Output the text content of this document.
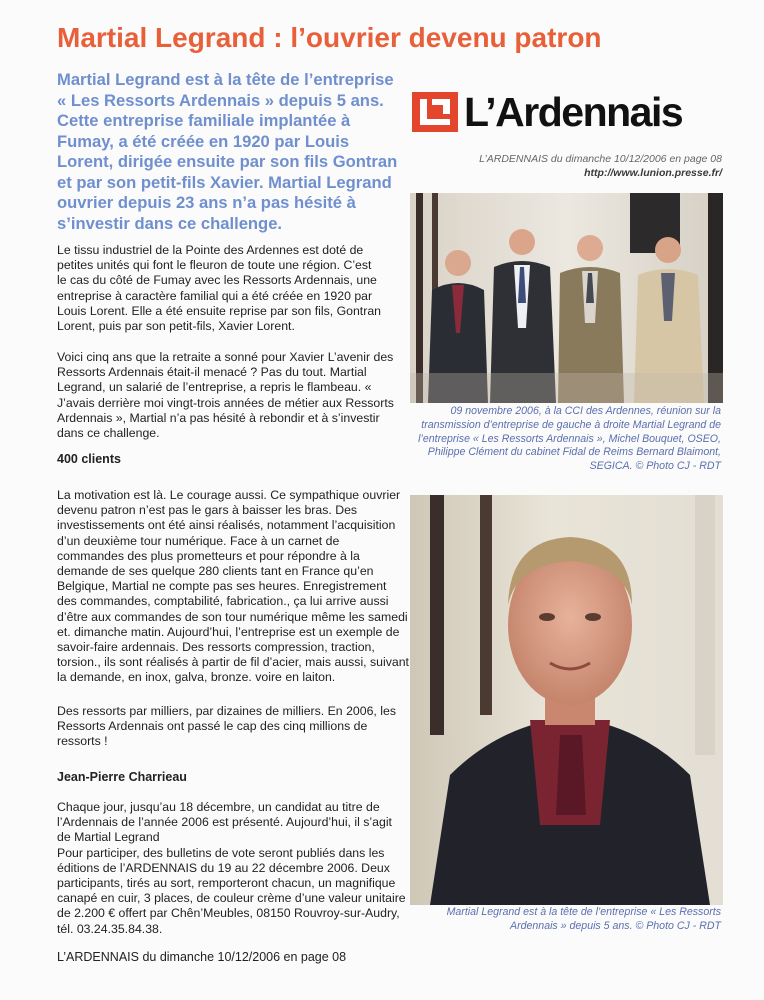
Martial Legrand : l’ouvrier devenu patron

Martial Legrand est à la tête de l’entreprise « Les Ressorts Ardennais » depuis 5 ans. Cette entreprise familiale implantée à Fumay, a été créée en 1920 par Louis Lorent, dirigée ensuite par son fils Gontran et par son petit-fils Xavier. Martial Legrand ouvrier depuis 23 ans n’a pas hésité à s’investir dans ce challenge.

L’Ardennais
L’ARDENNAIS du dimanche 10/12/2006 en page 08
http://www.lunion.presse.fr/

Le tissu industriel de la Pointe des Ardennes est doté de petites unités qui font le fleuron de toute une région. C’est le cas du côté de Fumay avec les Ressorts Ardennais, une entreprise à caractère familial qui a été créée en 1920 par Louis Lorent. Elle a été ensuite reprise par son fils, Gontran Lorent, puis par son petit-fils, Xavier Lorent.

Voici cinq ans que la retraite a sonné pour Xavier L’avenir des Ressorts Ardennais était-il menacé ? Pas du tout. Martial Legrand, un salarié de l’entreprise, a repris le flambeau. « J’avais derrière moi vingt-trois années de métier aux Ressorts Ardennais », Martial n’a pas hésité à rebondir et à s’investir dans ce challenge.

400 clients

La motivation est là. Le courage aussi. Ce sympathique ouvrier devenu patron n’est pas le gars à baisser les bras. Des investissements ont été ainsi réalisés, notamment l’acquisition d’un deuxième tour numérique. Face à un carnet de commandes des plus prometteurs et pour répondre à la demande de ses quelque 280 clients tant en France qu’en Belgique, Martial ne compte pas ses heures. Enregistrement des commandes, comptabilité, fabrication., ça lui arrive aussi d’être aux commandes de son tour numérique même les samedi et. dimanche matin. Aujourd’hui, l’entreprise est un exemple de savoir-faire ardennais. Des ressorts compression, traction, torsion., ils sont réalisés à partir de fil d’acier, mais aussi, suivant la demande, en inox, galva, bronze. voire en laiton.

Des ressorts par milliers, par dizaines de milliers. En 2006, les Ressorts Ardennais ont passé le cap des cinq millions de ressorts !

Jean-Pierre Charrieau

Chaque jour, jusqu’au 18 décembre, un candidat au titre de l’Ardennais de l’année 2006 est présenté. Aujourd’hui, il s’agit de Martial Legrand
Pour participer, des bulletins de vote seront publiés dans les éditions de l’ARDENNAIS du 19 au 22 décembre 2006. Deux participants, tirés au sort, remporteront chacun, un magnifique canapé en cuir, 3 places, de couleur crème d’une valeur unitaire de 2.200 € offert par Chên’Meubles, 08150 Rouvroy-sur-Audry, tél. 03.24.35.84.38.

09 novembre 2006, à la CCI des Ardennes, réunion sur la transmission d’entreprise de gauche à droite Martial Legrand de l’entreprise « Les Ressorts Ardennais », Michel Bouquet, OSEO, Philippe Clément du cabinet Fidal de Reims Bernard Blaimont, SEGICA. © Photo CJ - RDT

Martial Legrand est à la tête de l’entreprise « Les Ressorts Ardennais » depuis 5 ans. © Photo CJ - RDT

L’ARDENNAIS du dimanche 10/12/2006 en page 08
